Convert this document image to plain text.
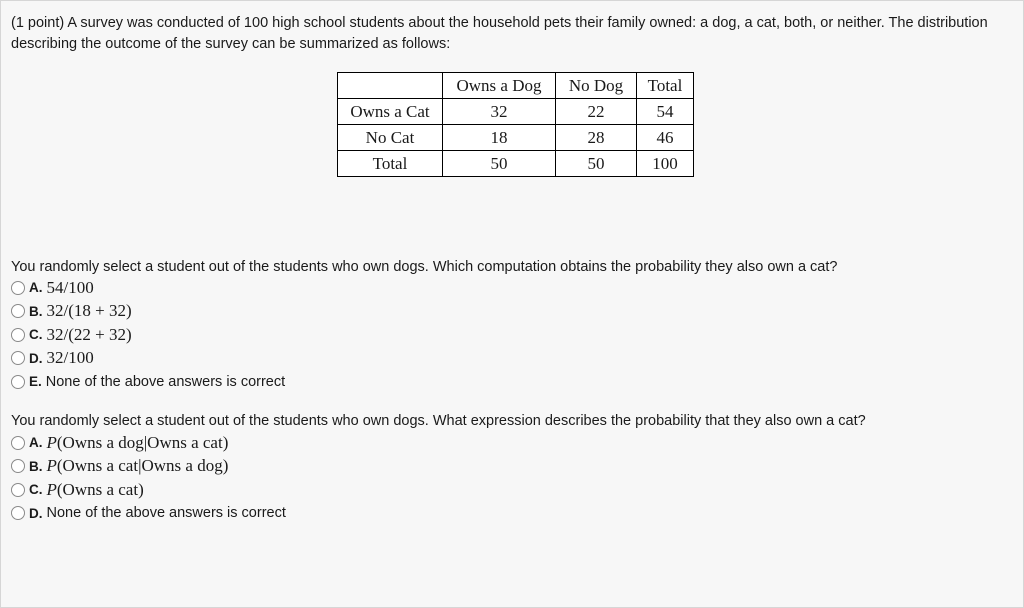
(1 point) A survey was conducted of 100 high school students about the household pets their family owned: a dog, a cat, both, or neither. The distribution describing the outcome of the survey can be summarized as follows:
	Owns a Dog	No Dog	Total
Owns a Cat	32	22	54
No Cat	18	28	46
Total	50	50	100
You randomly select a student out of the students who own dogs. Which computation obtains the probability they also own a cat?
A. 54/100
B. 32/(18 + 32)
C. 32/(22 + 32)
D. 32/100
E. None of the above answers is correct
You randomly select a student out of the students who own dogs. What expression describes the probability that they also own a cat?
A. P (Owns a dog|Owns a cat)
B. P (Owns a cat|Owns a dog)
C. P (Owns a cat)
D. None of the above answers is correct
